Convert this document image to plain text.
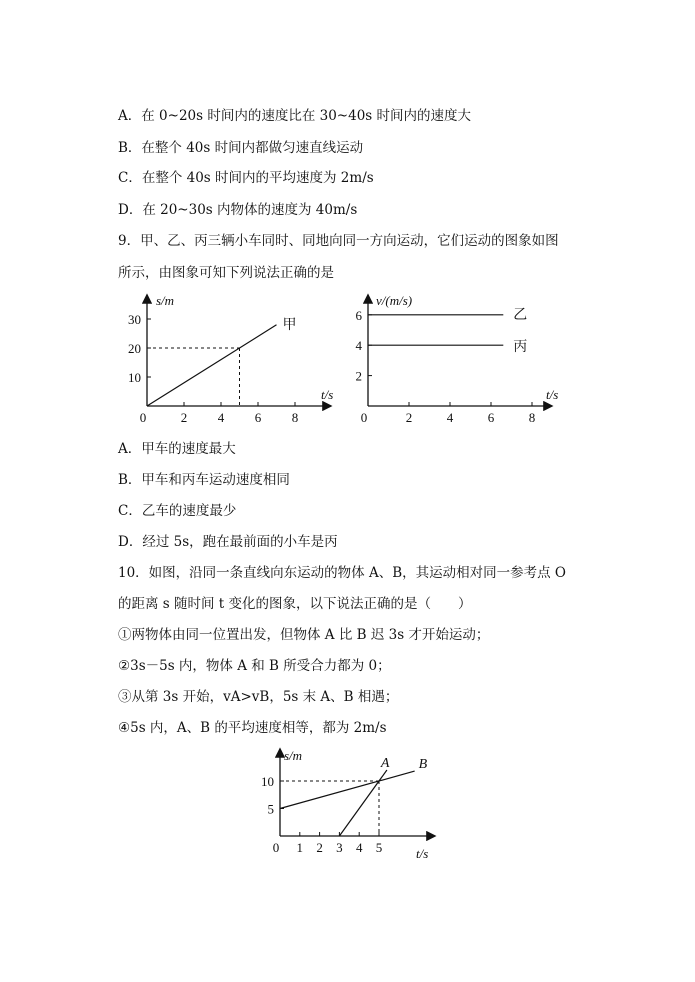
A．在 0~20s 时间内的速度比在 30~40s 时间内的速度大
B．在整个 40s 时间内都做匀速直线运动
C．在整个 40s 时间内的平均速度为 2m/s
D．在 20~30s 内物体的速度为 40m/s
9．甲、乙、丙三辆小车同时、同地向同一方向运动，它们运动的图象如图
所示，由图象可知下列说法正确的是
10
20
30
0	2 4 6 8
甲
s/m
t/s
2
4
6
0	2	4	6	8
乙
丙
v/(m/s)
t/s
A．甲车的速度最大
B．甲车和丙车运动速度相同
C．乙车的速度最少
D．经过 5s，跑在最前面的小车是丙
10．如图，沿同一条直线向东运动的物体 A、B，其运动相对同一参考点 O
的距离 s 随时间 t 变化的图象，以下说法正确的是（　　）
①两物体由同一位置出发，但物体 A 比 B 迟 3s 才开始运动；
②3s－5s 内，物体 A 和 B 所受合力都为 0；
③从第 3s 开始，vA>vB，5s 末 A、B 相遇；
④5s 内，A、B 的平均速度相等，都为 2m/s
5
10
0 1 2 3 4 5
A B
s/m
t/s
